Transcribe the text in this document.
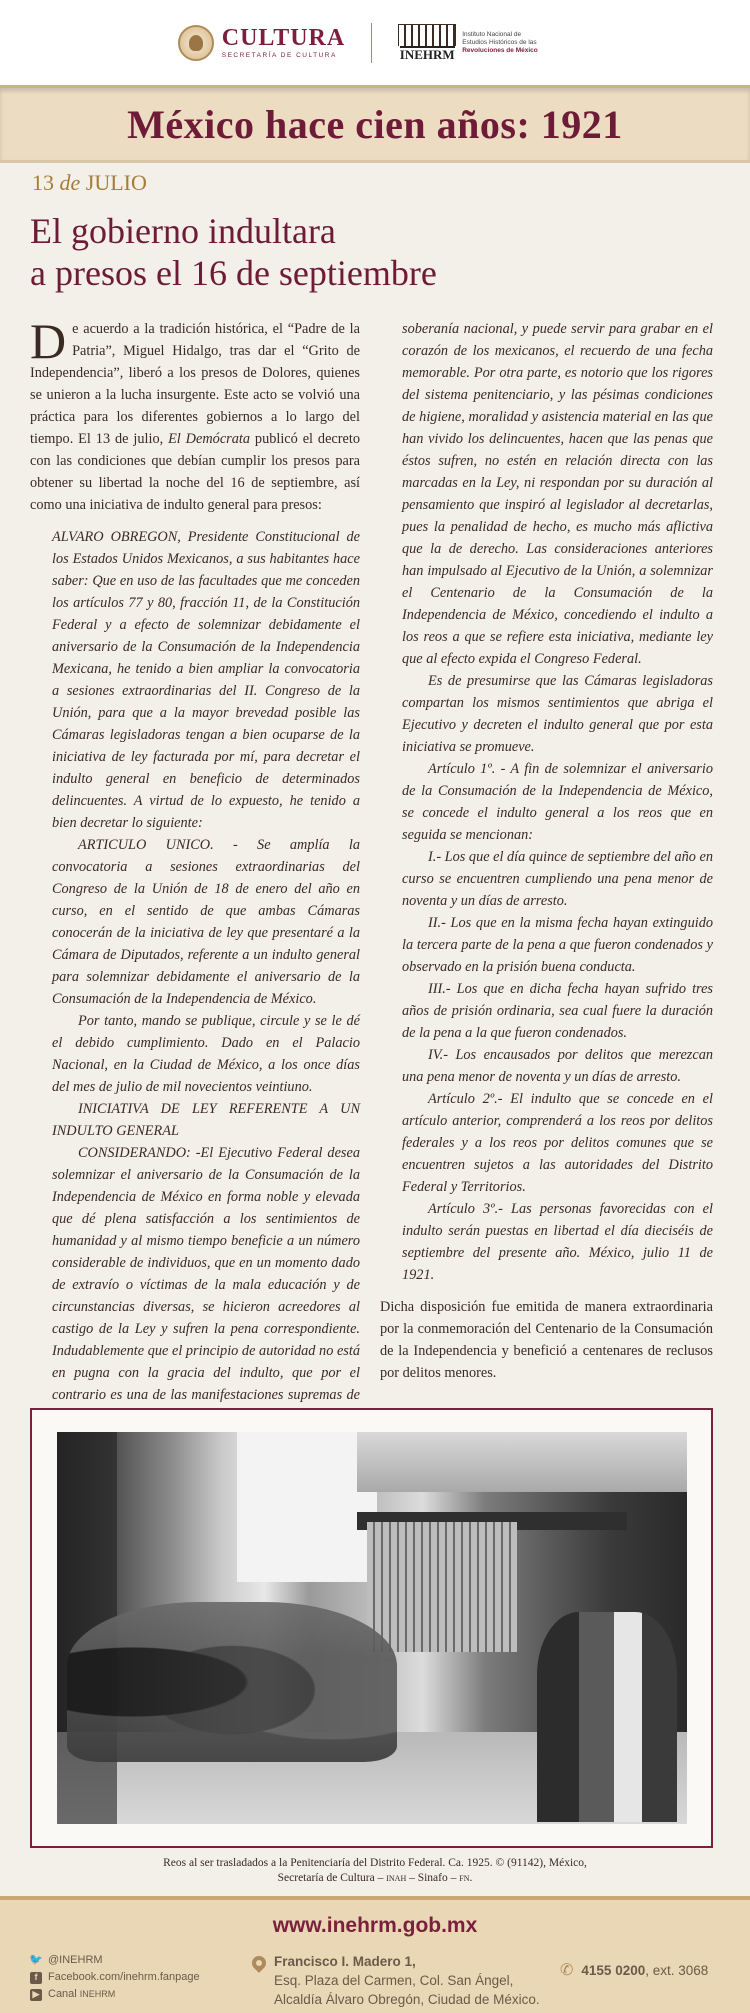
CULTURA
SECRETARÍA DE CULTURA	INEHRM
Instituto Nacional de
Estudios Históricos de las
Revoluciones de México
México hace cien años: 1921
13 de JULIO
El gobierno indultara
a presos el 16 de septiembre

De acuerdo a la tradición histórica, el “Padre de la Patria”, Miguel Hidalgo, tras dar el “Grito de Independencia”, liberó a los presos de Dolores, quienes se unieron a la lucha insurgente. Este acto se volvió una práctica para los diferentes gobiernos a lo largo del tiempo. El 13 de julio, El Demócrata publicó el decreto con las condiciones que debían cumplir los presos para obtener su libertad la noche del 16 de septiembre, así como una iniciativa de indulto general para presos:

ALVARO OBREGON, Presidente Constitucional de los Estados Unidos Mexicanos, a sus habitantes hace saber: Que en uso de las facultades que me conceden los artículos 77 y 80, fracción 11, de la Constitución Federal y a efecto de solemnizar debidamente el aniversario de la Consumación de la Independencia Mexicana, he tenido a bien ampliar la convocatoria a sesiones extraordinarias del II. Congreso de la Unión, para que a la mayor brevedad posible las Cámaras legisladoras tengan a bien ocuparse de la iniciativa de ley facturada por mí, para decretar el indulto general en beneficio de determinados delincuentes. A virtud de lo expuesto, he tenido a bien decretar lo siguiente:

ARTICULO UNICO. - Se amplía la convocatoria a sesiones extraordinarias del Congreso de la Unión de 18 de enero del año en curso, en el sentido de que ambas Cámaras conocerán de la iniciativa de ley que presentaré a la Cámara de Diputados, referente a un indulto general para solemnizar debidamente el aniversario de la Consumación de la Independencia de México.

Por tanto, mando se publique, circule y se le dé el debido cumplimiento. Dado en el Palacio Nacional, en la Ciudad de México, a los once días del mes de julio de mil novecientos veintiuno.

INICIATIVA DE LEY REFERENTE A UN INDULTO GENERAL

CONSIDERANDO: -El Ejecutivo Federal desea solemnizar el aniversario de la Consumación de la Independencia de México en forma noble y elevada que dé plena satisfacción a los sentimientos de humanidad y al mismo tiempo beneficie a un número considerable de individuos, que en un momento dado de extravío o víctimas de la mala educación y de circunstancias diversas, se hicieron acreedores al castigo de la Ley y sufren la pena correspondiente. Indudablemente que el principio de autoridad no está en pugna con la gracia del indulto, que por el contrario es una de las manifestaciones supremas de

soberanía nacional, y puede servir para grabar en el corazón de los mexicanos, el recuerdo de una fecha memorable. Por otra parte, es notorio que los rigores del sistema penitenciario, y las pésimas condiciones de higiene, moralidad y asistencia material en las que han vivido los delincuentes, hacen que las penas que éstos sufren, no estén en relación directa con las marcadas en la Ley, ni respondan por su duración al pensamiento que inspiró al legislador al decretarlas, pues la penalidad de hecho, es mucho más aflictiva que la de derecho. Las consideraciones anteriores han impulsado al Ejecutivo de la Unión, a solemnizar el Centenario de la Consumación de la Independencia de México, concediendo el indulto a los reos a que se refiere esta iniciativa, mediante ley que al efecto expida el Congreso Federal.

Es de presumirse que las Cámaras legisladoras compartan los mismos sentimientos que abriga el Ejecutivo y decreten el indulto general que por esta iniciativa se promueve.

Artículo 1º. - A fin de solemnizar el aniversario de la Consumación de la Independencia de México, se concede el indulto general a los reos que en seguida se mencionan:

I.- Los que el día quince de septiembre del año en curso se encuentren cumpliendo una pena menor de noventa y un días de arresto.

II.- Los que en la misma fecha hayan extinguido la tercera parte de la pena a que fueron condenados y observado en la prisión buena conducta.

III.- Los que en dicha fecha hayan sufrido tres años de prisión ordinaria, sea cual fuere la duración de la pena a la que fueron condenados.

IV.- Los encausados por delitos que merezcan una pena menor de noventa y un días de arresto.

Artículo 2º.- El indulto que se concede en el artículo anterior, comprenderá a los reos por delitos federales y a los reos por delitos comunes que se encuentren sujetos a las autoridades del Distrito Federal y Territorios.

Artículo 3º.- Las personas favorecidas con el indulto serán puestas en libertad el día dieciséis de septiembre del presente año. México, julio 11 de 1921.

Dicha disposición fue emitida de manera extraordinaria por la conmemoración del Centenario de la Consumación de la Independencia y benefició a centenares de reclusos por delitos menores.

Reos al ser trasladados a la Penitenciaría del Distrito Federal. Ca. 1925. © (91142), México,
Secretaría de Cultura – inah – Sinafo – fn.
www.inehrm.gob.mx
🐦 @INEHRM
f Facebook.com/inehrm.fanpage
▶ Canal INEHRM
Francisco I. Madero 1,
Esq. Plaza del Carmen, Col. San Ángel,
Alcaldía Álvaro Obregón, Ciudad de México.
✆ 4155 0200, ext. 3068
